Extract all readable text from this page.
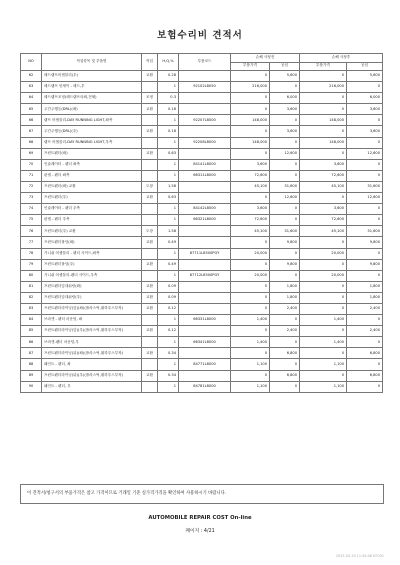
보험수리비 견적서
NO	작업항목 및 부품명	작업	H,Q,%	부품코드	손해 사정전		손해 사정후	
					부품가격	공임	부품가격	공임
62	헤드램프어셈블리(우)	교환	0.28		0	5,600	0	5,600
63	헤드램프 앗세이 - 헤드,우		1	92102L8050	216,000	0	216,000	0
64	헤드램프조정(헤드램프의좌,전체)	조정	0.3		0	6,000	0	6,000
65	주간주행등(DRL)(좌)	교환	0.18		0	3,600	0	3,600
66	램프 어셈블리-DAY RUNNING LIGHT,좌측		1	92207L8000	148,000	0	148,000	0
67	주간주행등(DRL)(우)	교환	0.18		0	3,600	0	3,600
68	램프 어셈블리-DAY RUNNING LIGHT,우측		1	92208L8000	148,000	0	148,000	0
69	프런트펜더(좌)	교환	0.63		0	12,600	0	12,600
70	인슐레이터 - 펜더 좌측		1	84141L8000	3,600	0	3,600	0
71	판넬 - 펜더 좌측		1	66311L8000	72,600	0	72,600	0
72	프런트펜더(좌) 교환	도장	1.58		45,100	31,600	45,100	31,600
73	프런트펜더(우)	교환	0.63		0	12,600	0	12,600
74	인슐레이터 - 펜더 우측		1	84142L8000	3,600	0	3,600	0
75	판넬 - 펜더 우측		1	66321L8000	72,600	0	72,600	0
76	프런트펜더(우) 교환	도장	1.58		45,100	31,600	45,100	31,600
77	프런트펜더몰딩(좌)	교환	0.49		0	9,800	0	9,800
78	가니쉬 어셈블리 - 펜더 사이드,좌측		1	87711L8500PGY	20,000	0	20,000	0
79	프런트펜더몰딩(우)	교환	0.49		0	9,800	0	9,800
80	가니쉬 어셈블리-펜더 사이드,우측		1	87712L8500PGY	20,000	0	20,000	0
81	프런트펜더앞대쉬랑(좌)	교환	0.09		0	1,800	0	1,800
82	프런트펜더앞대쉬랑(우)	교환	0.09		0	1,800	0	1,800
83	프런트펜더라이닝(앞)(좌)(플라스틱,횔하우스부착)	교환	0.12		0	2,400	0	2,400
84	브라켓 - 펜더 마운팅, 좌		1	66331L8000	1,400	0	1,400	0
85	프런트펜더라이닝(앞)(우)(플라스틱,횔하우스부착)	교환	0.12		0	2,400	0	2,400
86	브라켓-펜더 마운팅,우		1	66341L8000	1,400	0	1,400	0
87	프런트펜더라이닝(뒤)(좌)(플라스틱,횔하우스부착)	교환	0.34		0	6,800	0	6,800
88	패인트 - 펜더, 좌		1	84771L8000	1,100	0	1,100	0
89	프런트펜더라이닝(뒤)(우)(플라스틱,횔하우스부착)	교환	0.34		0	6,800	0	6,800
90	패인트 - 펜더, 우		1	84781L8000	1,100	0	1,100	0
이 견적서/청구서의 부품가격은 참고 가격이므로 거래일 기준 실가격가격을 확인하여 사용하시기 바랍니다.
AUTOMOBILE REPAIR COST On-line
페이지 : 4/21
2025-03-19 11:34:46 KTO01
